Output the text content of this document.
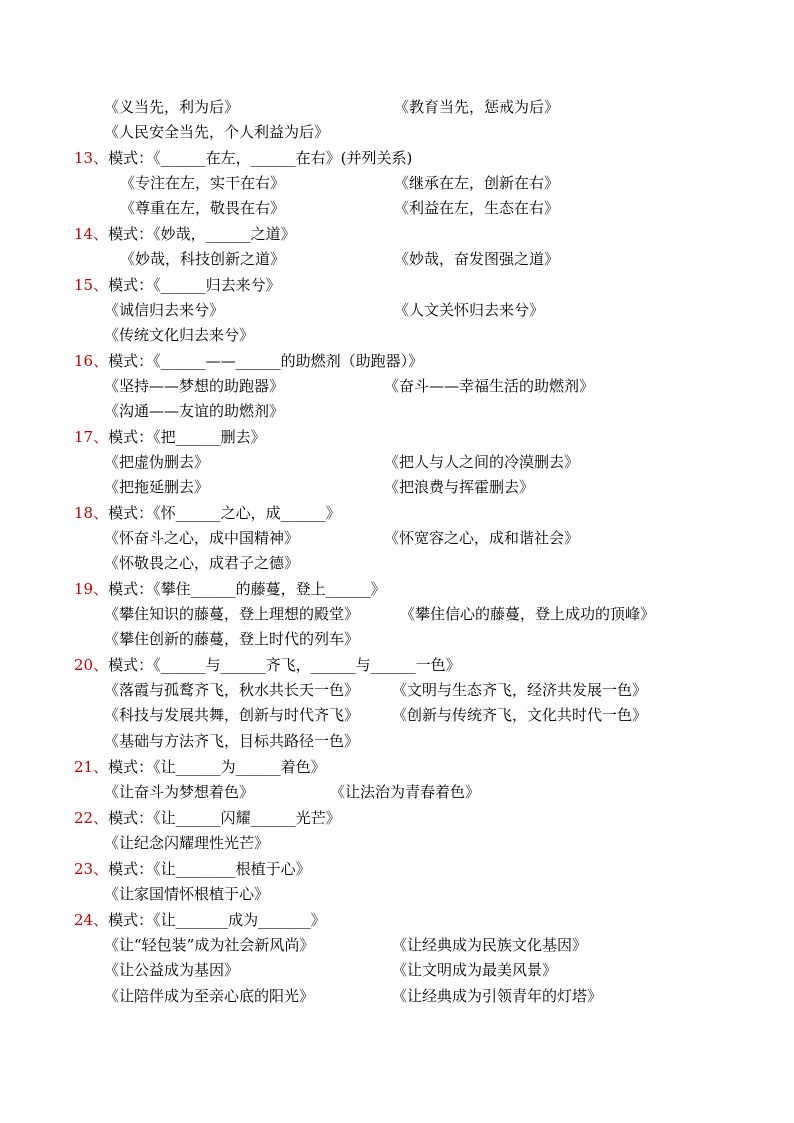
《义当先，利为后》	《教育当先，惩戒为后》
《人民安全当先，个人利益为后》
13、模式：《______在左，______在右》(并列关系)
《专注在左，实干在右》	《继承在左，创新在右》
《尊重在左，敬畏在右》	《利益在左，生态在右》
14、模式：《妙哉，______之道》
《妙哉，科技创新之道》	《妙哉，奋发图强之道》
15、模式：《______归去来兮》
《诚信归去来兮》	《人文关怀归去来兮》
《传统文化归去来兮》
16、模式：《______——______的助燃剂（助跑器）》
《坚持——梦想的助跑器》	《奋斗——幸福生活的助燃剂》
《沟通——友谊的助燃剂》
17、模式：《把______删去》
《把虚伪删去》	《把人与人之间的冷漠删去》
《把拖延删去》	《把浪费与挥霍删去》
18、模式：《怀______之心，成______》
《怀奋斗之心，成中国精神》	《怀宽容之心，成和谐社会》
《怀敬畏之心，成君子之德》
19、模式：《攀住______的藤蔓，登上______》
《攀住知识的藤蔓，登上理想的殿堂》	《攀住信心的藤蔓，登上成功的顶峰》
《攀住创新的藤蔓，登上时代的列车》
20、模式：《______与______齐飞，______与______一色》
《落霞与孤鹜齐飞，秋水共长天一色》 《文明与生态齐飞，经济共发展一色》
《科技与发展共舞，创新与时代齐飞》 《创新与传统齐飞，文化共时代一色》
《基础与方法齐飞，目标共路径一色》
21、模式：《让______为______着色》
《让奋斗为梦想着色》	《让法治为青春着色》
22、模式：《让______闪耀______光芒》
《让纪念闪耀理性光芒》
23、模式：《让________根植于心》
《让家国情怀根植于心》
24、模式：《让_______成为_______》
《让“轻包装”成为社会新风尚》	《让经典成为民族文化基因》
《让公益成为基因》	《让文明成为最美风景》
《让陪伴成为至亲心底的阳光》	《让经典成为引领青年的灯塔》
